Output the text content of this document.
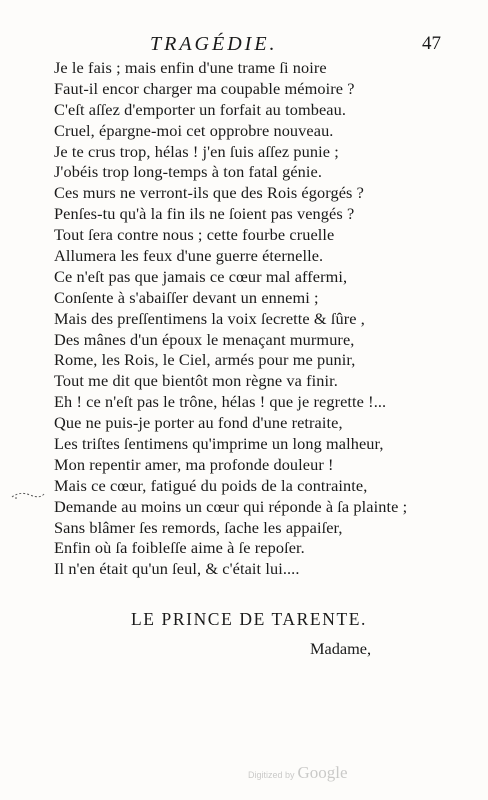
TRAGÉDIE.	47
Je le fais ; mais enfin d'une trame ſi noire
Faut-il encor charger ma coupable mémoire ?
C'eſt aſſez d'emporter un forfait au tombeau.
Cruel, épargne-moi cet opprobre nouveau.
Je te crus trop, hélas ! j'en ſuis aſſez punie ;
J'obéis trop long-temps à ton fatal génie.
Ces murs ne verront-ils que des Rois égorgés ?
Penſes-tu qu'à la fin ils ne ſoient pas vengés ?
Tout ſera contre nous ; cette fourbe cruelle
Allumera les feux d'une guerre éternelle.
Ce n'eſt pas que jamais ce cœur mal affermi,
Conſente à s'abaiſſer devant un ennemi ;
Mais des preſſentimens la voix ſecrette & ſûre ,
Des mânes d'un époux le menaçant murmure,
Rome, les Rois, le Ciel, armés pour me punir,
Tout me dit que bientôt mon règne va finir.
Eh ! ce n'eſt pas le trône, hélas ! que je regrette !...
Que ne puis-je porter au fond d'une retraite,
Les triſtes ſentimens qu'imprime un long malheur,
Mon repentir amer, ma profonde douleur !
Mais ce cœur, fatigué du poids de la contrainte,
Demande au moins un cœur qui réponde à ſa plainte ;
Sans blâmer ſes remords, ſache les appaiſer,
Enfin où ſa foibleſſe aime à ſe repoſer.
Il n'en était qu'un ſeul, & c'était lui....
LE PRINCE DE TARENTE.
Madame,
Digitized by Google
